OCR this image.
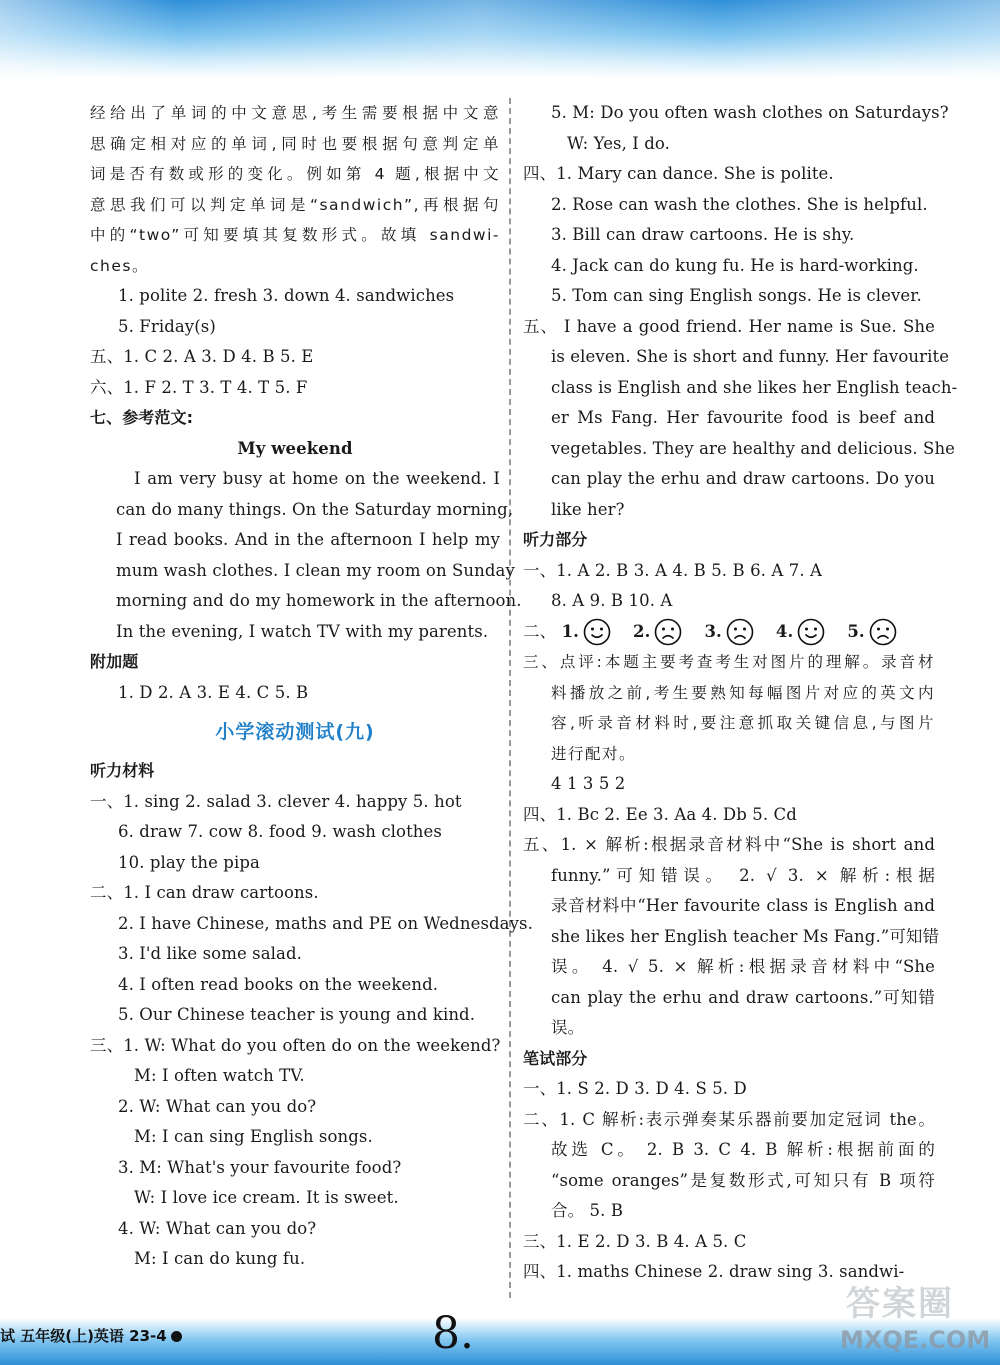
经给出了单词的中文意思,考生需要根据中文意
思确定相对应的单词,同时也要根据句意判定单
词是否有数或形的变化。例如第 4 题,根据中文
意思我们可以判定单词是“sandwich”,再根据句
中的“two”可知要填其复数形式。故填 sandwi-
ches。
1. polite 2. fresh 3. down 4. sandwiches
5. Friday(s)
五、1. C 2. A 3. D 4. B 5. E
六、1. F 2. T 3. T 4. T 5. F
七、参考范文:
My weekend
I am very busy at home on the weekend. I
can do many things. On the Saturday morning,
I read books. And in the afternoon I help my
mum wash clothes. I clean my room on Sunday
morning and do my homework in the afternoon.
In the evening, I watch TV with my parents.
附加题
1. D 2. A 3. E 4. C 5. B
小学滚动测试(九)
听力材料
一、1. sing 2. salad 3. clever 4. happy 5. hot
6. draw 7. cow 8. food 9. wash clothes
10. play the pipa
二、1. I can draw cartoons.
2. I have Chinese, maths and PE on Wednesdays.
3. I'd like some salad.
4. I often read books on the weekend.
5. Our Chinese teacher is young and kind.
三、1. W: What do you often do on the weekend?
M: I often watch TV.
2. W: What can you do?
M: I can sing English songs.
3. M: What's your favourite food?
W: I love ice cream. It is sweet.
4. W: What can you do?
M: I can do kung fu.
5. M: Do you often wash clothes on Saturdays?
W: Yes, I do.
四、1. Mary can dance. She is polite.
2. Rose can wash the clothes. She is helpful.
3. Bill can draw cartoons. He is shy.
4. Jack can do kung fu. He is hard-working.
5. Tom can sing English songs. He is clever.
五、 I have a good friend. Her name is Sue. She
is eleven. She is short and funny. Her favourite
class is English and she likes her English teach-
er Ms Fang. Her favourite food is beef and
vegetables. They are healthy and delicious. She
can play the erhu and draw cartoons. Do you
like her?
听力部分
一、1. A 2. B 3. A 4. B 5. B 6. A 7. A
8. A 9. B 10. A
二、 1.	2.	3.	4.	5.
三、点评:本题主要考查考生对图片的理解。录音材
料播放之前,考生要熟知每幅图片对应的英文内
容,听录音材料时,要注意抓取关键信息,与图片
进行配对。
4 1 3 5 2
四、1. Bc 2. Ee 3. Aa 4. Db 5. Cd
五、1. × 解析:根据录音材料中“She is short and
funny.”可知错误。 2. √ 3. × 解析:根据
录音材料中“Her favourite class is English and
she likes her English teacher Ms Fang.”可知错
误。 4. √ 5. × 解析:根据录音材料中“She
can play the erhu and draw cartoons.”可知错
误。
笔试部分
一、1. S 2. D 3. D 4. S 5. D
二、1. C 解析:表示弹奏某乐器前要加定冠词 the。
故选 C。 2. B 3. C 4. B 解析:根据前面的
“some oranges”是复数形式,可知只有 B 项符
合。 5. B
三、1. E 2. D 3. B 4. A 5. C
四、1. maths Chinese 2. draw sing 3. sandwi-
试 五年级(上)英语 23-4	8.
答案圈
MXQE.COM
